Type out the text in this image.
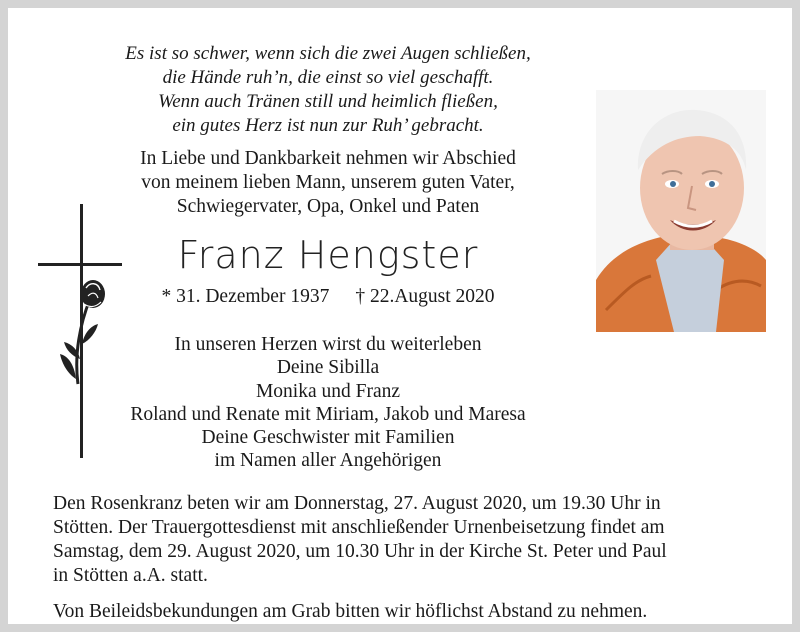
Es ist so schwer, wenn sich die zwei Augen schließen,
die Hände ruh’n, die einst so viel geschafft.
Wenn auch Tränen still und heimlich fließen,
ein gutes Herz ist nun zur Ruh’ gebracht.
In Liebe und Dankbarkeit nehmen wir Abschied
von meinem lieben Mann, unserem guten Vater,
Schwiegervater, Opa, Onkel und Paten
Franz Hengster
* 31. Dezember 1937 † 22.August 2020
In unseren Herzen wirst du weiterleben
Deine Sibilla
Monika und Franz
Roland und Renate mit Miriam, Jakob und Maresa
Deine Geschwister mit Familien
im Namen aller Angehörigen
Den Rosenkranz beten wir am Donnerstag, 27. August 2020, um 19.30 Uhr in
Stötten. Der Trauergottesdienst mit anschließender Urnenbeisetzung findet am
Samstag, dem 29. August 2020, um 10.30 Uhr in der Kirche St. Peter und Paul
in Stötten a.A. statt.
Von Beileidsbekundungen am Grab bitten wir höflichst Abstand zu nehmen.
